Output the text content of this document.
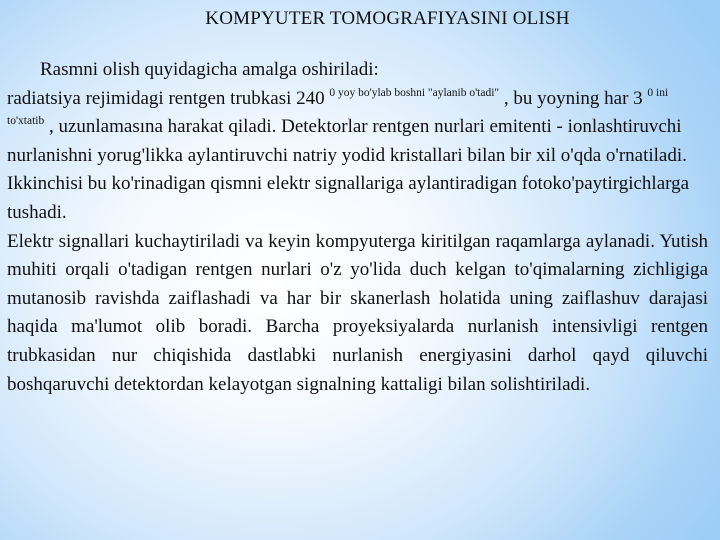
KOMPYUTER TOMOGRAFIYASINI OLISH

Rasmni olish quyidagicha amalga oshiriladi:

radiatsiya rejimidagi rentgen trubkasi 240 $^{0 yoy bo'ylab boshni "aylanib o'tadi"}$ , bu yoyning har 3 $^{0 ini to'xtatib}$ , uzunlamasına harakat qiladi. Detektorlar rentgen nurlari emitenti - ionlashtiruvchi nurlanishni yorug'likka aylantiruvchi natriy yodid kristallari bilan bir xil o'qda o'rnatiladi. Ikkinchisi bu ko'rinadigan qismni elektr signallariga aylantiradigan fotoko'paytirgichlarga tushadi.

Elektr signallari kuchaytiriladi va keyin kompyuterga kiritilgan raqamlarga aylanadi. Yutish muhiti orqali o'tadigan rentgen nurlari o'z yo'lida duch kelgan to'qimalarning zichligiga mutanosib ravishda zaiflashadi va har bir skanerlash holatida uning zaiflashuv darajasi haqida ma'lumot olib boradi. Barcha proyeksiyalarda nurlanish intensivligi rentgen trubkasidan nur chiqishida dastlabki nurlanish energiyasini darhol qayd qiluvchi boshqaruvchi detektordan kelayotgan signalning kattaligi bilan solishtiriladi.
